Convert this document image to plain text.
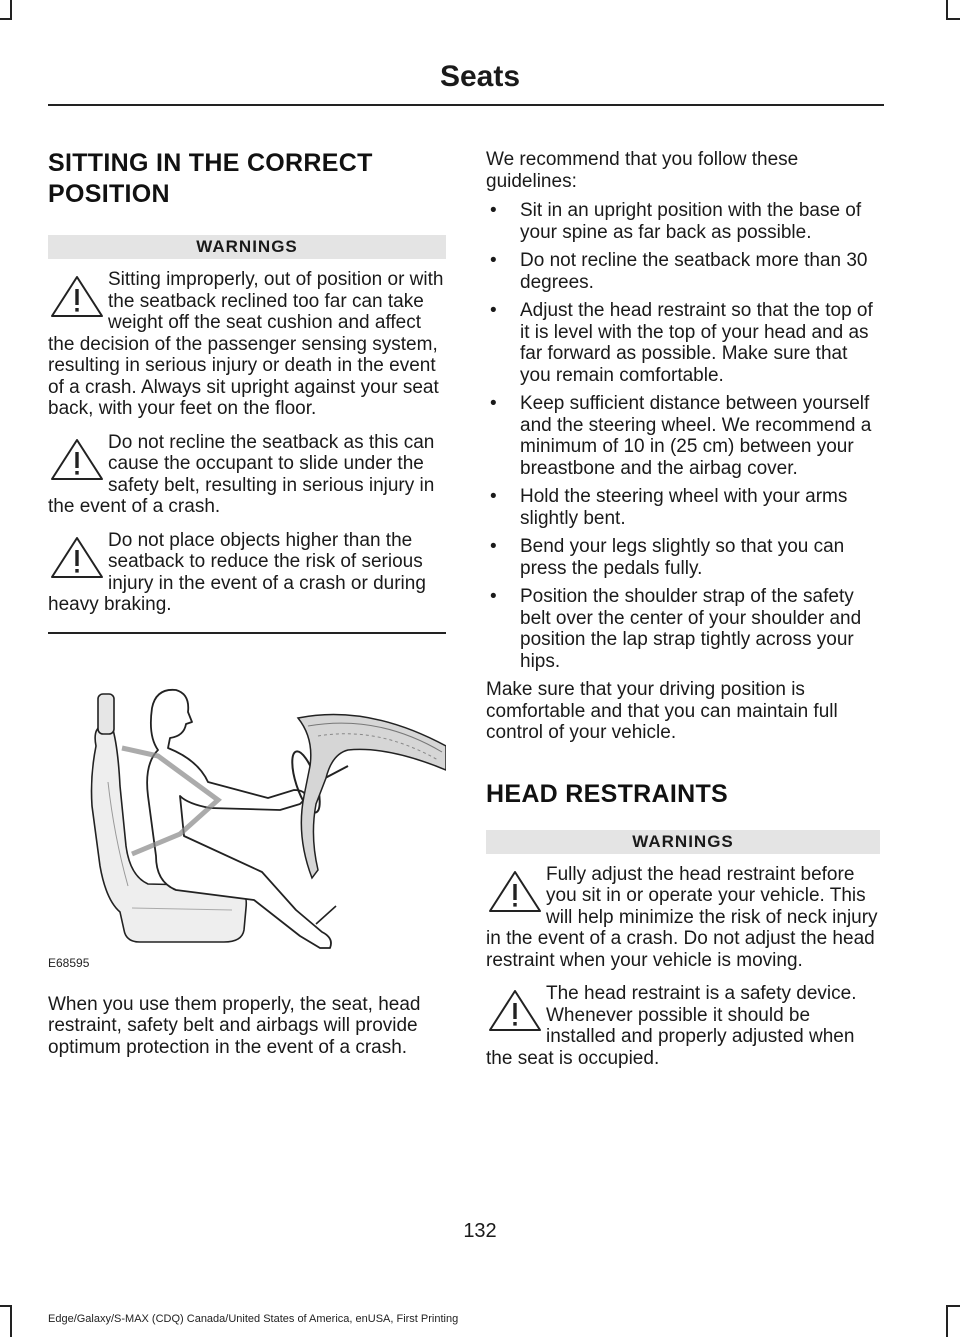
Seats
SITTING IN THE CORRECT
POSITION
WARNINGS

Sitting improperly, out of position or with the seatback reclined too far can take weight off the seat cushion and affect the decision of the passenger sensing system, resulting in serious injury or death in the event of a crash. Always sit upright against your seat back, with your feet on the floor.

Do not recline the seatback as this can cause the occupant to slide under the safety belt, resulting in serious injury in the event of a crash.

Do not place objects higher than the seatback to reduce the risk of serious injury in the event of a crash or during heavy braking.

E68595

When you use them properly, the seat, head restraint, safety belt and airbags will provide optimum protection in the event of a crash.

We recommend that you follow these guidelines:

• Sit in an upright position with the base of your spine as far back as possible.
• Do not recline the seatback more than 30 degrees.
• Adjust the head restraint so that the top of it is level with the top of your head and as far forward as possible. Make sure that you remain comfortable.
• Keep sufficient distance between yourself and the steering wheel. We recommend a minimum of 10 in (25 cm) between your breastbone and the airbag cover.
• Hold the steering wheel with your arms slightly bent.
• Bend your legs slightly so that you can press the pedals fully.
• Position the shoulder strap of the safety belt over the center of your shoulder and position the lap strap tightly across your hips.

Make sure that your driving position is comfortable and that you can maintain full control of your vehicle.

HEAD RESTRAINTS
WARNINGS

Fully adjust the head restraint before you sit in or operate your vehicle. This will help minimize the risk of neck injury in the event of a crash. Do not adjust the head restraint when your vehicle is moving.

The head restraint is a safety device. Whenever possible it should be installed and properly adjusted when the seat is occupied.

132
Edge/Galaxy/S-MAX (CDQ) Canada/United States of America, enUSA, First Printing
